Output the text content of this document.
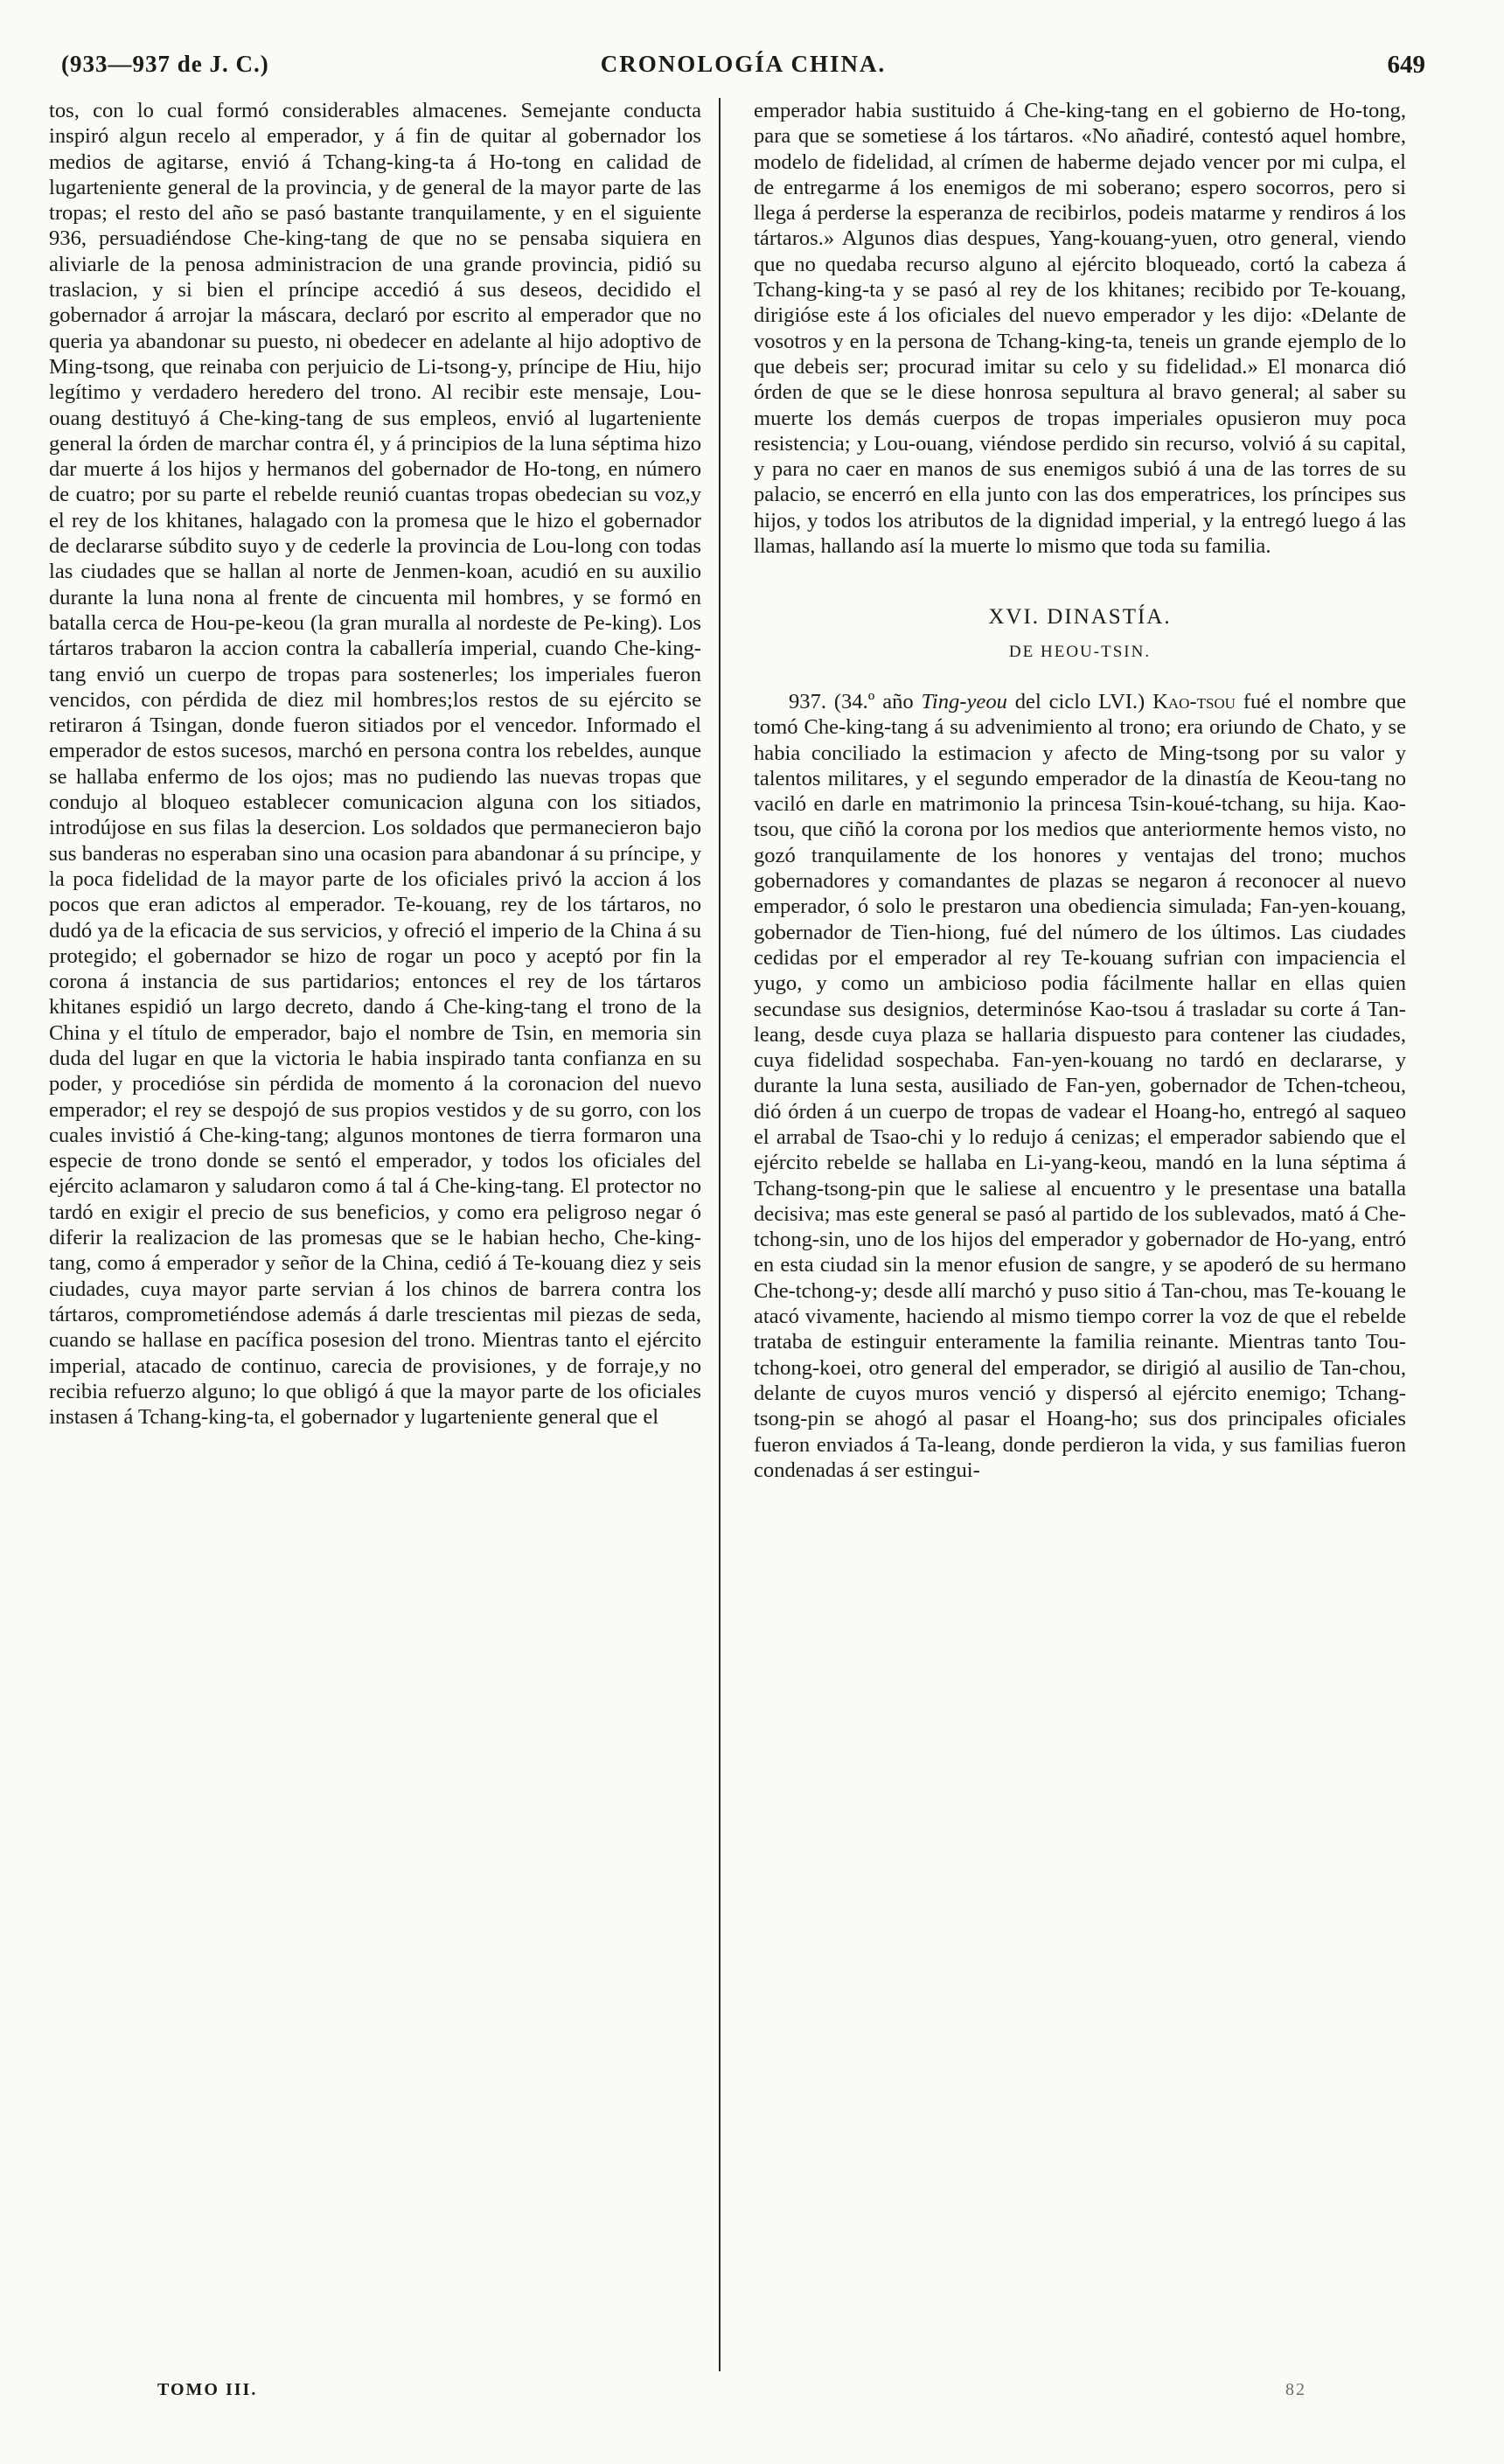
(933—937 de J. C.)	CRONOLOGÍA CHINA.	649

tos, con lo cual formó considerables almacenes. Semejante conducta inspiró algun recelo al emperador, y á fin de quitar al gobernador los medios de agitarse, envió á Tchang-king-ta á Ho-tong en calidad de lugarteniente general de la provincia, y de general de la mayor parte de las tropas; el resto del año se pasó bastante tranquilamente, y en el siguiente 936, persuadiéndose Che-king-tang de que no se pensaba siquiera en aliviarle de la penosa administracion de una grande provincia, pidió su traslacion, y si bien el príncipe accedió á sus deseos, decidido el gobernador á arrojar la máscara, declaró por escrito al emperador que no queria ya abandonar su puesto, ni obedecer en adelante al hijo adoptivo de Ming-tsong, que reinaba con perjuicio de Li-tsong-y, príncipe de Hiu, hijo legítimo y verdadero heredero del trono. Al recibir este mensaje, Lou-ouang destituyó á Che-king-tang de sus empleos, envió al lugarteniente general la órden de marchar contra él, y á principios de la luna séptima hizo dar muerte á los hijos y hermanos del gobernador de Ho-tong, en número de cuatro; por su parte el rebelde reunió cuantas tropas obedecian su voz,y el rey de los khitanes, halagado con la promesa que le hizo el gobernador de declararse súbdito suyo y de cederle la provincia de Lou-long con todas las ciudades que se hallan al norte de Jenmen-koan, acudió en su auxilio durante la luna nona al frente de cincuenta mil hombres, y se formó en batalla cerca de Hou-pe-keou (la gran muralla al nordeste de Pe-king). Los tártaros trabaron la accion contra la caballería imperial, cuando Che-king-tang envió un cuerpo de tropas para sostenerles; los imperiales fueron vencidos, con pérdida de diez mil hombres;los restos de su ejército se retiraron á Tsingan, donde fueron sitiados por el vencedor. Informado el emperador de estos sucesos, marchó en persona contra los rebeldes, aunque se hallaba enfermo de los ojos; mas no pudiendo las nuevas tropas que condujo al bloqueo establecer comunicacion alguna con los sitiados, introdújose en sus filas la desercion. Los soldados que permanecieron bajo sus banderas no esperaban sino una ocasion para abandonar á su príncipe, y la poca fidelidad de la mayor parte de los oficiales privó la accion á los pocos que eran adictos al emperador. Te-kouang, rey de los tártaros, no dudó ya de la eficacia de sus servicios, y ofreció el imperio de la China á su protegido; el gobernador se hizo de rogar un poco y aceptó por fin la corona á instancia de sus partidarios; entonces el rey de los tártaros khitanes espidió un largo decreto, dando á Che-king-tang el trono de la China y el título de emperador, bajo el nombre de Tsin, en memoria sin duda del lugar en que la victoria le habia inspirado tanta confianza en su poder, y procedióse sin pérdida de momento á la coronacion del nuevo emperador; el rey se despojó de sus propios vestidos y de su gorro, con los cuales invistió á Che-king-tang; algunos montones de tierra formaron una especie de trono donde se sentó el emperador, y todos los oficiales del ejército aclamaron y saludaron como á tal á Che-king-tang. El protector no tardó en exigir el precio de sus beneficios, y como era peligroso negar ó diferir la realizacion de las promesas que se le habian hecho, Che-king-tang, como á emperador y señor de la China, cedió á Te-kouang diez y seis ciudades, cuya mayor parte servian á los chinos de barrera contra los tártaros, comprometiéndose además á darle trescientas mil piezas de seda, cuando se hallase en pacífica posesion del trono. Mientras tanto el ejército imperial, atacado de continuo, carecia de provisiones, y de forraje,y no recibia refuerzo alguno; lo que obligó á que la mayor parte de los oficiales instasen á Tchang-king-ta, el gobernador y lugarteniente general que el

emperador habia sustituido á Che-king-tang en el gobierno de Ho-tong, para que se sometiese á los tártaros. «No añadiré, contestó aquel hombre, modelo de fidelidad, al crímen de haberme dejado vencer por mi culpa, el de entregarme á los enemigos de mi soberano; espero socorros, pero si llega á perderse la esperanza de recibirlos, podeis matarme y rendiros á los tártaros.» Algunos dias despues, Yang-kouang-yuen, otro general, viendo que no quedaba recurso alguno al ejército bloqueado, cortó la cabeza á Tchang-king-ta y se pasó al rey de los khitanes; recibido por Te-kouang, dirigióse este á los oficiales del nuevo emperador y les dijo: «Delante de vosotros y en la persona de Tchang-king-ta, teneis un grande ejemplo de lo que debeis ser; procurad imitar su celo y su fidelidad.» El monarca dió órden de que se le diese honrosa sepultura al bravo general; al saber su muerte los demás cuerpos de tropas imperiales opusieron muy poca resistencia; y Lou-ouang, viéndose perdido sin recurso, volvió á su capital, y para no caer en manos de sus enemigos subió á una de las torres de su palacio, se encerró en ella junto con las dos emperatrices, los príncipes sus hijos, y todos los atributos de la dignidad imperial, y la entregó luego á las llamas, hallando así la muerte lo mismo que toda su familia.

XVI. DINASTÍA.
DE HEOU-TSIN.

937. (34.º año Ting-yeou del ciclo LVI.) Kao-tsou fué el nombre que tomó Che-king-tang á su advenimiento al trono; era oriundo de Chato, y se habia conciliado la estimacion y afecto de Ming-tsong por su valor y talentos militares, y el segundo emperador de la dinastía de Keou-tang no vaciló en darle en matrimonio la princesa Tsin-koué-tchang, su hija. Kao-tsou, que ciñó la corona por los medios que anteriormente hemos visto, no gozó tranquilamente de los honores y ventajas del trono; muchos gobernadores y comandantes de plazas se negaron á reconocer al nuevo emperador, ó solo le prestaron una obediencia simulada; Fan-yen-kouang, gobernador de Tien-hiong, fué del número de los últimos. Las ciudades cedidas por el emperador al rey Te-kouang sufrian con impaciencia el yugo, y como un ambicioso podia fácilmente hallar en ellas quien secundase sus designios, determinóse Kao-tsou á trasladar su corte á Tan-leang, desde cuya plaza se hallaria dispuesto para contener las ciudades, cuya fidelidad sospechaba. Fan-yen-kouang no tardó en declararse, y durante la luna sesta, ausiliado de Fan-yen, gobernador de Tchen-tcheou, dió órden á un cuerpo de tropas de vadear el Hoang-ho, entregó al saqueo el arrabal de Tsao-chi y lo redujo á cenizas; el emperador sabiendo que el ejército rebelde se hallaba en Li-yang-keou, mandó en la luna séptima á Tchang-tsong-pin que le saliese al encuentro y le presentase una batalla decisiva; mas este general se pasó al partido de los sublevados, mató á Che-tchong-sin, uno de los hijos del emperador y gobernador de Ho-yang, entró en esta ciudad sin la menor efusion de sangre, y se apoderó de su hermano Che-tchong-y; desde allí marchó y puso sitio á Tan-chou, mas Te-kouang le atacó vivamente, haciendo al mismo tiempo correr la voz de que el rebelde trataba de estinguir enteramente la familia reinante. Mientras tanto Tou-tchong-koei, otro general del emperador, se dirigió al ausilio de Tan-chou, delante de cuyos muros venció y dispersó al ejército enemigo; Tchang-tsong-pin se ahogó al pasar el Hoang-ho; sus dos principales oficiales fueron enviados á Ta-leang, donde perdieron la vida, y sus familias fueron condenadas á ser estingui-

TOMO III.	82
